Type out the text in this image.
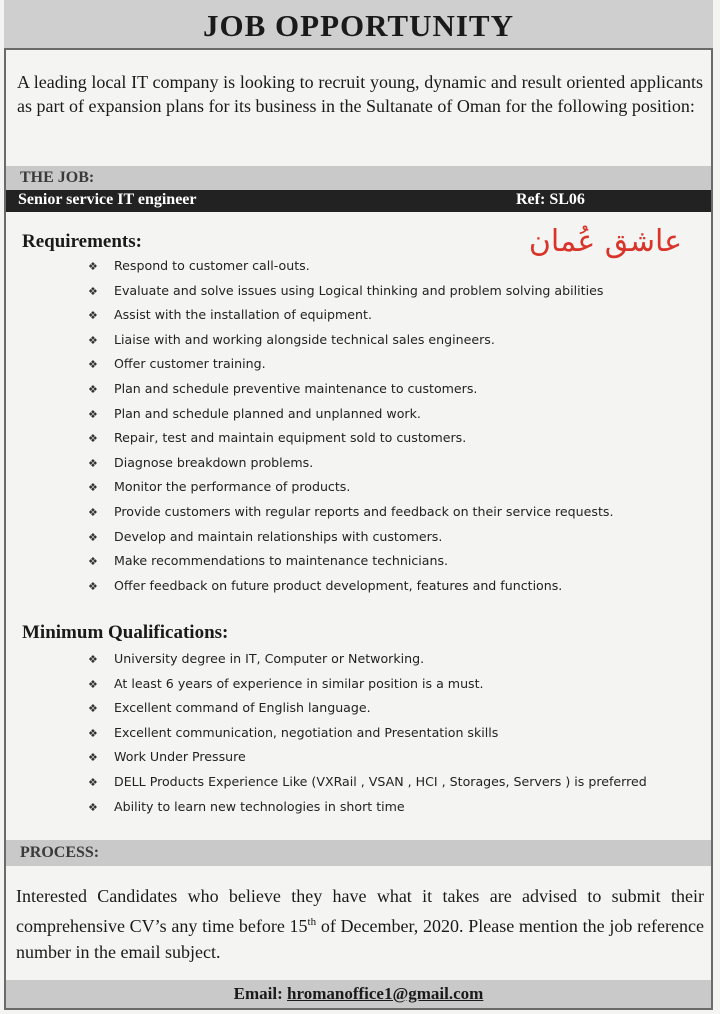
JOB OPPORTUNITY

A leading local IT company is looking to recruit young, dynamic and result oriented applicants as part of expansion plans for its business in the Sultanate of Oman for the following position:

THE JOB:
Senior service IT engineer	Ref: SL06
عاشق عُمان
Requirements:
❖ Respond to customer call-outs.
❖ Evaluate and solve issues using Logical thinking and problem solving abilities
❖ Assist with the installation of equipment.
❖ Liaise with and working alongside technical sales engineers.
❖ Offer customer training.
❖ Plan and schedule preventive maintenance to customers.
❖ Plan and schedule planned and unplanned work.
❖ Repair, test and maintain equipment sold to customers.
❖ Diagnose breakdown problems.
❖ Monitor the performance of products.
❖ Provide customers with regular reports and feedback on their service requests.
❖ Develop and maintain relationships with customers.
❖ Make recommendations to maintenance technicians.
❖ Offer feedback on future product development, features and functions.
Minimum Qualifications:
❖ University degree in IT, Computer or Networking.
❖ At least 6 years of experience in similar position is a must.
❖ Excellent command of English language.
❖ Excellent communication, negotiation and Presentation skills
❖ Work Under Pressure
❖ DELL Products Experience Like (VXRail , VSAN , HCI , Storages, Servers ) is preferred
❖ Ability to learn new technologies in short time
PROCESS:

Interested Candidates who believe they have what it takes are advised to submit their comprehensive CV’s any time before 15th of December, 2020. Please mention the job reference number in the email subject.

Email: hromanoffice1@gmail.com
